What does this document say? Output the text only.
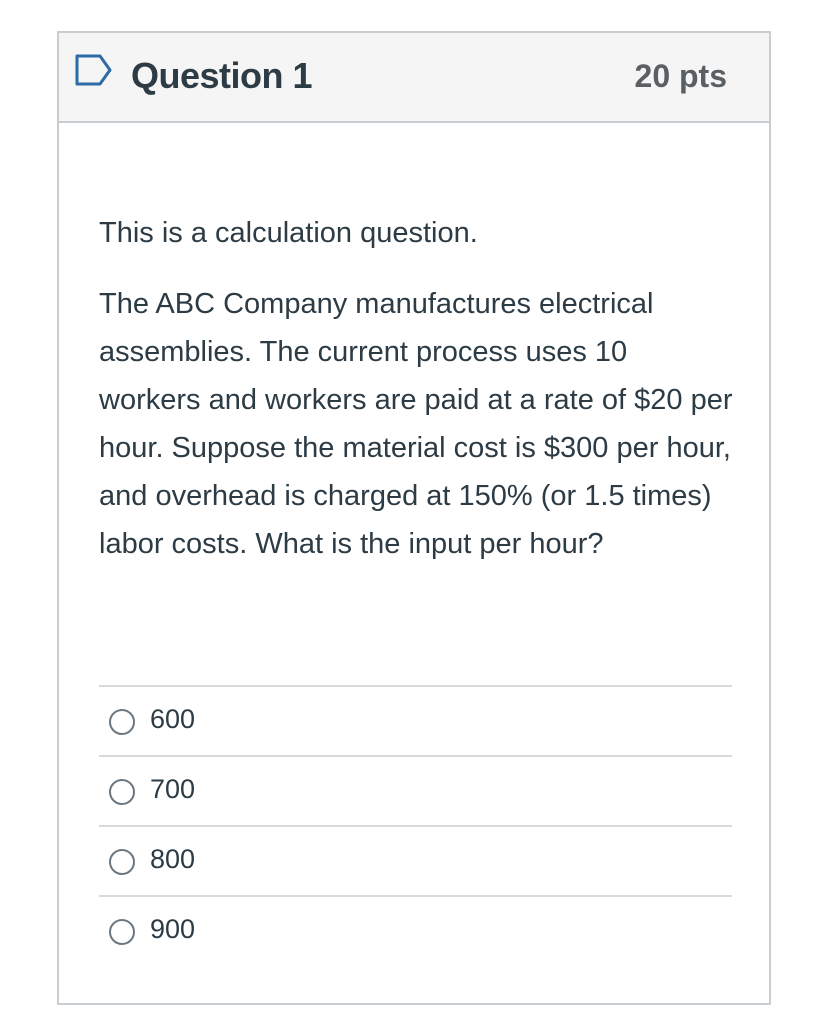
Question 1	20 pts

This is a calculation question.

The ABC Company manufactures electrical assemblies. The current process uses 10 workers and workers are paid at a rate of $20 per hour. Suppose the material cost is $300 per hour, and overhead is charged at 150% (or 1.5 times) labor costs. What is the input per hour?

600
700
800
900
